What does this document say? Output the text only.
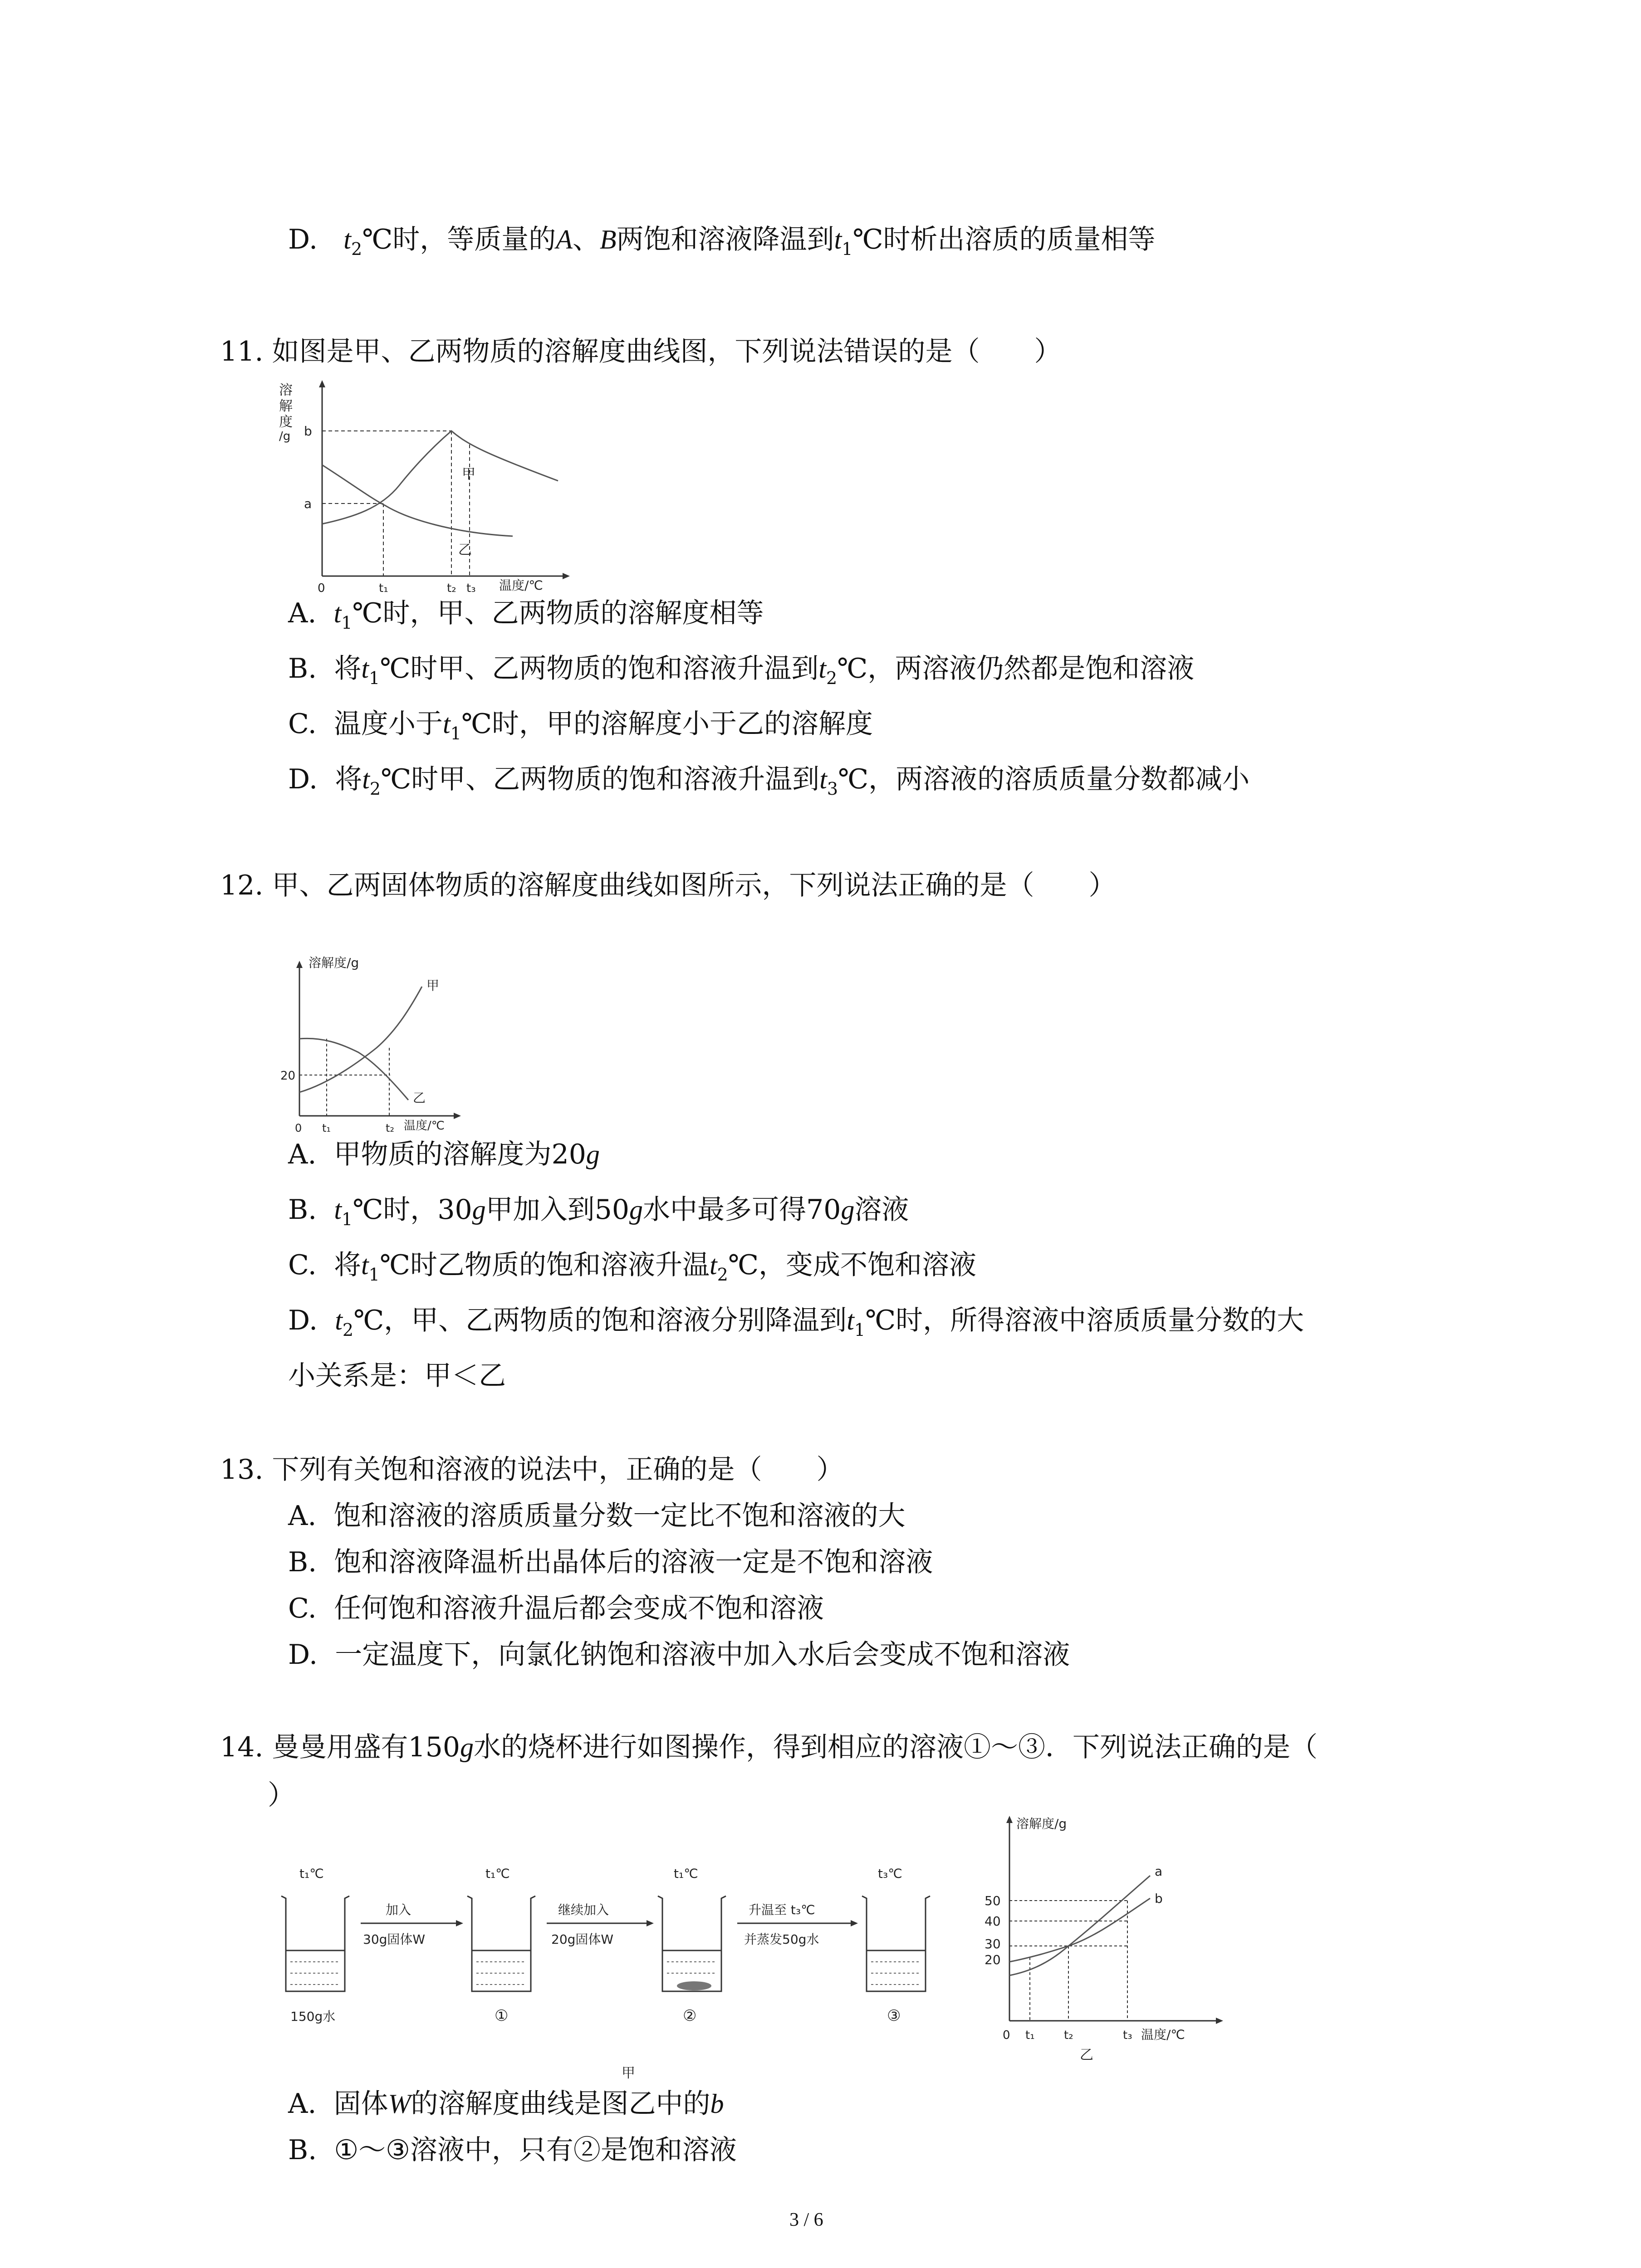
D. $t_2℃$时，等质量的A、B两饱和溶液降温到$t_1℃$时析出溶质的质量相等
11. 如图是甲、乙两物质的溶解度曲线图，下列说法错误的是（　　）
溶
解
度
/g b
a
甲
乙
0	t₁	t₂ t₃ 温度/℃
A. $t_1℃$时，甲、乙两物质的溶解度相等
B. 将$t_1℃$时甲、乙两物质的饱和溶液升温到$t_2℃$，两溶液仍然都是饱和溶液
C. 温度小于$t_1℃$时，甲的溶解度小于乙的溶解度
D. 将$t_2℃$时甲、乙两物质的饱和溶液升温到$t_3℃$，两溶液的溶质质量分数都减小
12. 甲、乙两固体物质的溶解度曲线如图所示，下列说法正确的是（　　）
溶解度/g
甲
乙
20
0 t₁	t₂ 温度/℃
A. 甲物质的溶解度为20g
B. $t_1℃$时，30g甲加入到50g水中最多可得70g溶液
C. 将$t_1℃$时乙物质的饱和溶液升温$t_2℃$，变成不饱和溶液
D. $t_2℃$，甲、乙两物质的饱和溶液分别降温到$t_1℃$时，所得溶液中溶质质量分数的大
小关系是：甲＜乙
13. 下列有关饱和溶液的说法中，正确的是（　　）
A. 饱和溶液的溶质质量分数一定比不饱和溶液的大
B. 饱和溶液降温析出晶体后的溶液一定是不饱和溶液
C. 任何饱和溶液升温后都会变成不饱和溶液
D. 一定温度下，向氯化钠饱和溶液中加入水后会变成不饱和溶液
14. 曼曼用盛有150g水的烧杯进行如图操作，得到相应的溶液①～③．下列说法正确的是（
）
t₁℃
150g水
加入
30g固体W
t₁℃
①
继续加入
20g固体W
t₁℃
②
升温至 t₃℃
并蒸发50g水
t₃℃
③
甲
溶解度/g
a
b
50
40
30
20
0 t₁ t₂	t₃ 温度/℃
乙
A. 固体W的溶解度曲线是图乙中的b
B. ①～③溶液中，只有②是饱和溶液
3 / 6
